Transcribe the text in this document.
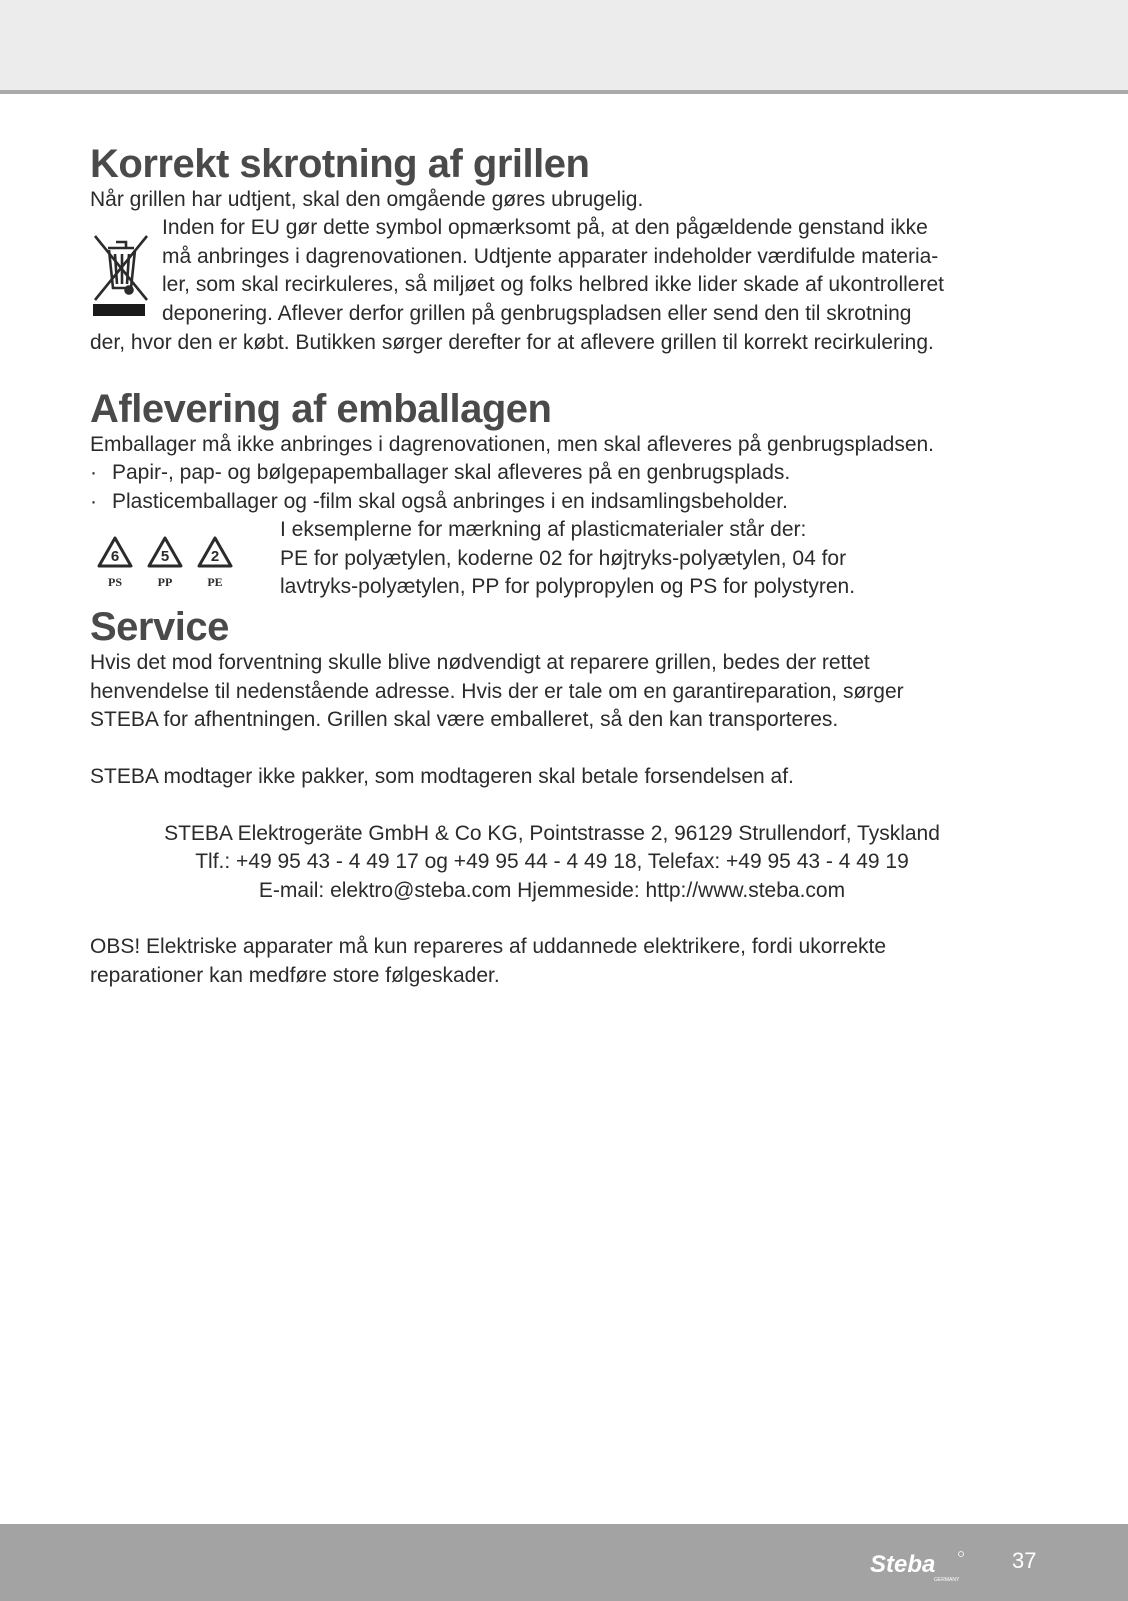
Korrekt skrotning af grillen

Når grillen har udtjent, skal den omgående gøres ubrugelig.

Inden for EU gør dette symbol opmærksomt på, at den pågældende genstand ikke

må anbringes i dagrenovationen. Udtjente apparater indeholder værdifulde materia-

ler, som skal recirkuleres, så miljøet og folks helbred ikke lider skade af ukontrolleret

deponering. Aflever derfor grillen på genbrugspladsen eller send den til skrotning

der, hvor den er købt. Butikken sørger derefter for at aflevere grillen til korrekt recirkulering.

Aflevering af emballagen

Emballager må ikke anbringes i dagrenovationen, men skal afleveres på genbrugspladsen.

· Papir-, pap- og bølgepapemballager skal afleveres på en genbrugsplads.

· Plasticemballager og -film skal også anbringes i en indsamlingsbeholder.

6
PS
5
PP
2
PE

I eksemplerne for mærkning af plasticmaterialer står der:

PE for polyætylen, koderne 02 for højtryks-polyætylen, 04 for

lavtryks-polyætylen, PP for polypropylen og PS for polystyren.

Service

Hvis det mod forventning skulle blive nødvendigt at reparere grillen, bedes der rettet

henvendelse til nedenstående adresse. Hvis der er tale om en garantireparation, sørger

STEBA for afhentningen. Grillen skal være emballeret, så den kan transporteres.

STEBA modtager ikke pakker, som modtageren skal betale forsendelsen af.

STEBA Elektrogeräte GmbH & Co KG, Pointstrasse 2, 96129 Strullendorf, Tyskland

Tlf.: +49 95 43 - 4 49 17 og +49 95 44 - 4 49 18, Telefax: +49 95 43 - 4 49 19

E-mail: elektro@steba.com Hjemmeside: http://www.steba.com

OBS! Elektriske apparater må kun repareres af uddannede elektrikere, fordi ukorrekte

reparationer kan medføre store følgeskader.

Steba
GERMANY
37
